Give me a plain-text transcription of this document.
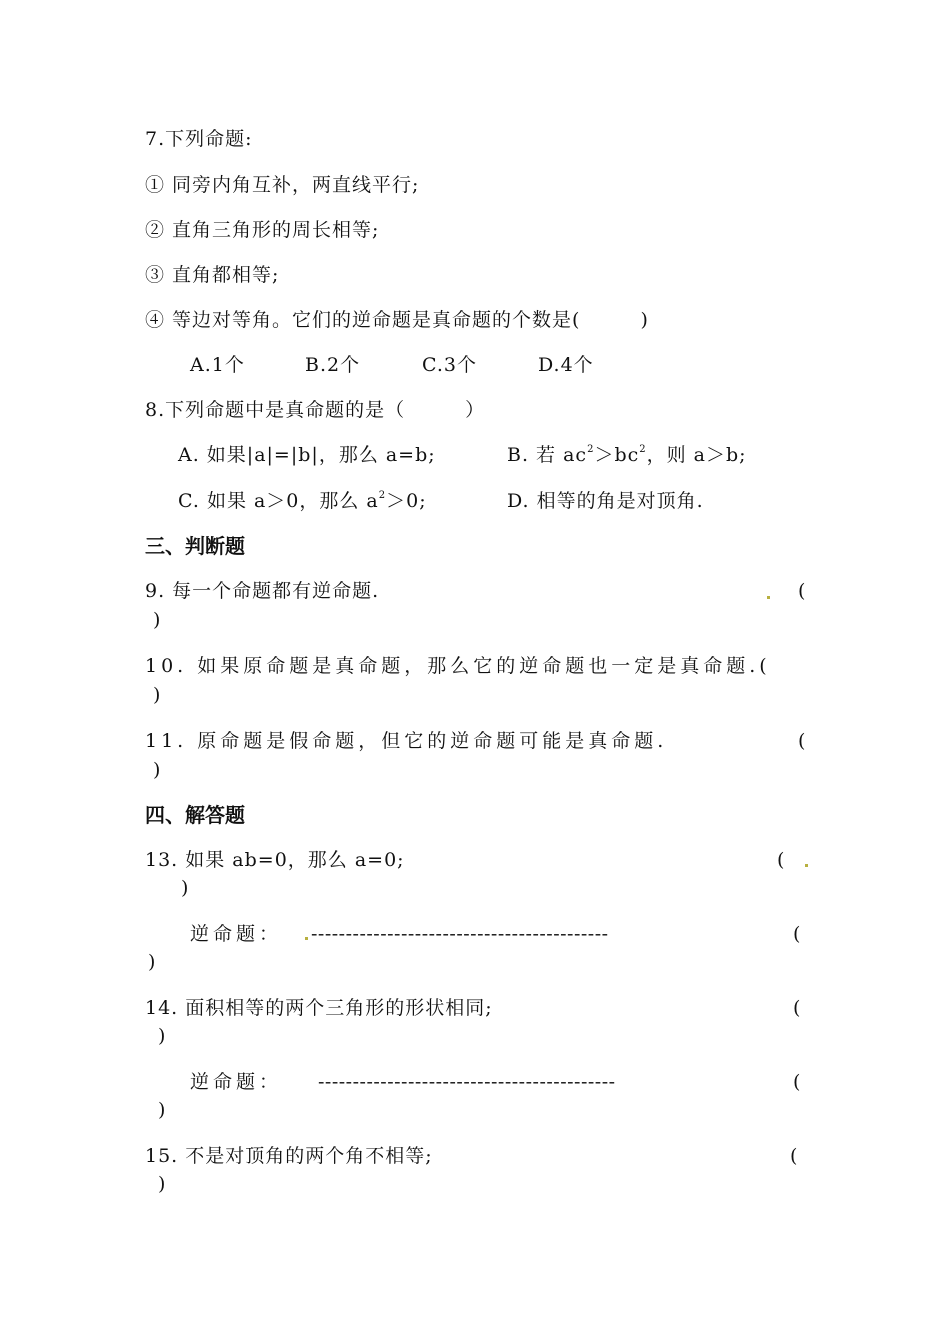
7.下列命题:
① 同旁内角互补，两直线平行;
② 直角三角形的周长相等;
③ 直角都相等;
④ 等边对等角。它们的逆命题是真命题的个数是(　　　)
A.1个	B.2个	C.3个	D.4个
8.下列命题中是真命题的是（　　　）
A. 如果|a|=|b|，那么 a=b;	B. 若 $ac^2>bc^2$，则 a＞b;
C. 如果 a＞0，那么 $a^2>0$;	D. 相等的角是对顶角.
三、判断题
9. 每一个命题都有逆命题.	(
)
10. 如果原命题是真命题，那么它的逆命题也一定是真命题.(
)
11. 原命题是假命题，但它的逆命题可能是真命题.	(
)
四、解答题
13. 如果 ab=0，那么 a=0;	(
)
逆命题： -------------------------------------------	(
)
14. 面积相等的两个三角形的形状相同;	(
)
逆命题： -------------------------------------------	(
)
15. 不是对顶角的两个角不相等;	(
)
